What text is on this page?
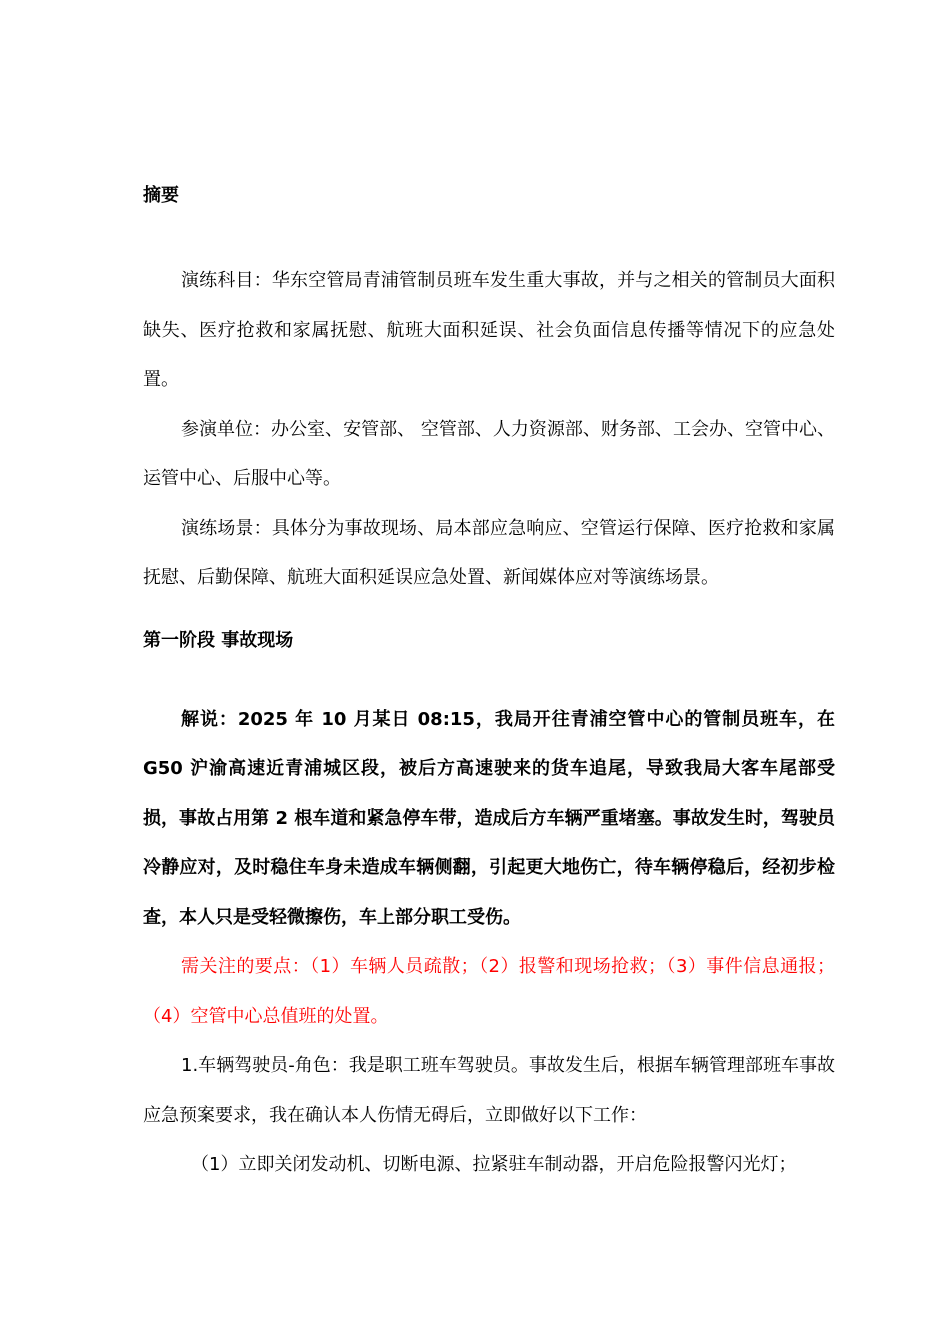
摘要

演练科目：华东空管局青浦管制员班车发生重大事故，并与之相关的管制员大面积缺失、医疗抢救和家属抚慰、航班大面积延误、社会负面信息传播等情况下的应急处置。

参演单位：办公室、安管部、 空管部、人力资源部、财务部、工会办、空管中心、运管中心、后服中心等。

演练场景：具体分为事故现场、局本部应急响应、空管运行保障、医疗抢救和家属抚慰、后勤保障、航班大面积延误应急处置、新闻媒体应对等演练场景。

第一阶段 事故现场

解说：2025 年 10 月某日 08:15，我局开往青浦空管中心的管制员班车，在 G50 沪渝高速近青浦城区段，被后方高速驶来的货车追尾，导致我局大客车尾部受损，事故占用第 2 根车道和紧急停车带，造成后方车辆严重堵塞。事故发生时，驾驶员冷静应对，及时稳住车身未造成车辆侧翻，引起更大地伤亡，待车辆停稳后，经初步检查，本人只是受轻微擦伤，车上部分职工受伤。

需关注的要点：（1）车辆人员疏散；（2）报警和现场抢救；（3）事件信息通报；（4）空管中心总值班的处置。

1.车辆驾驶员-角色：我是职工班车驾驶员。事故发生后，根据车辆管理部班车事故应急预案要求，我在确认本人伤情无碍后，立即做好以下工作：

（1）立即关闭发动机、切断电源、拉紧驻车制动器，开启危险报警闪光灯；
